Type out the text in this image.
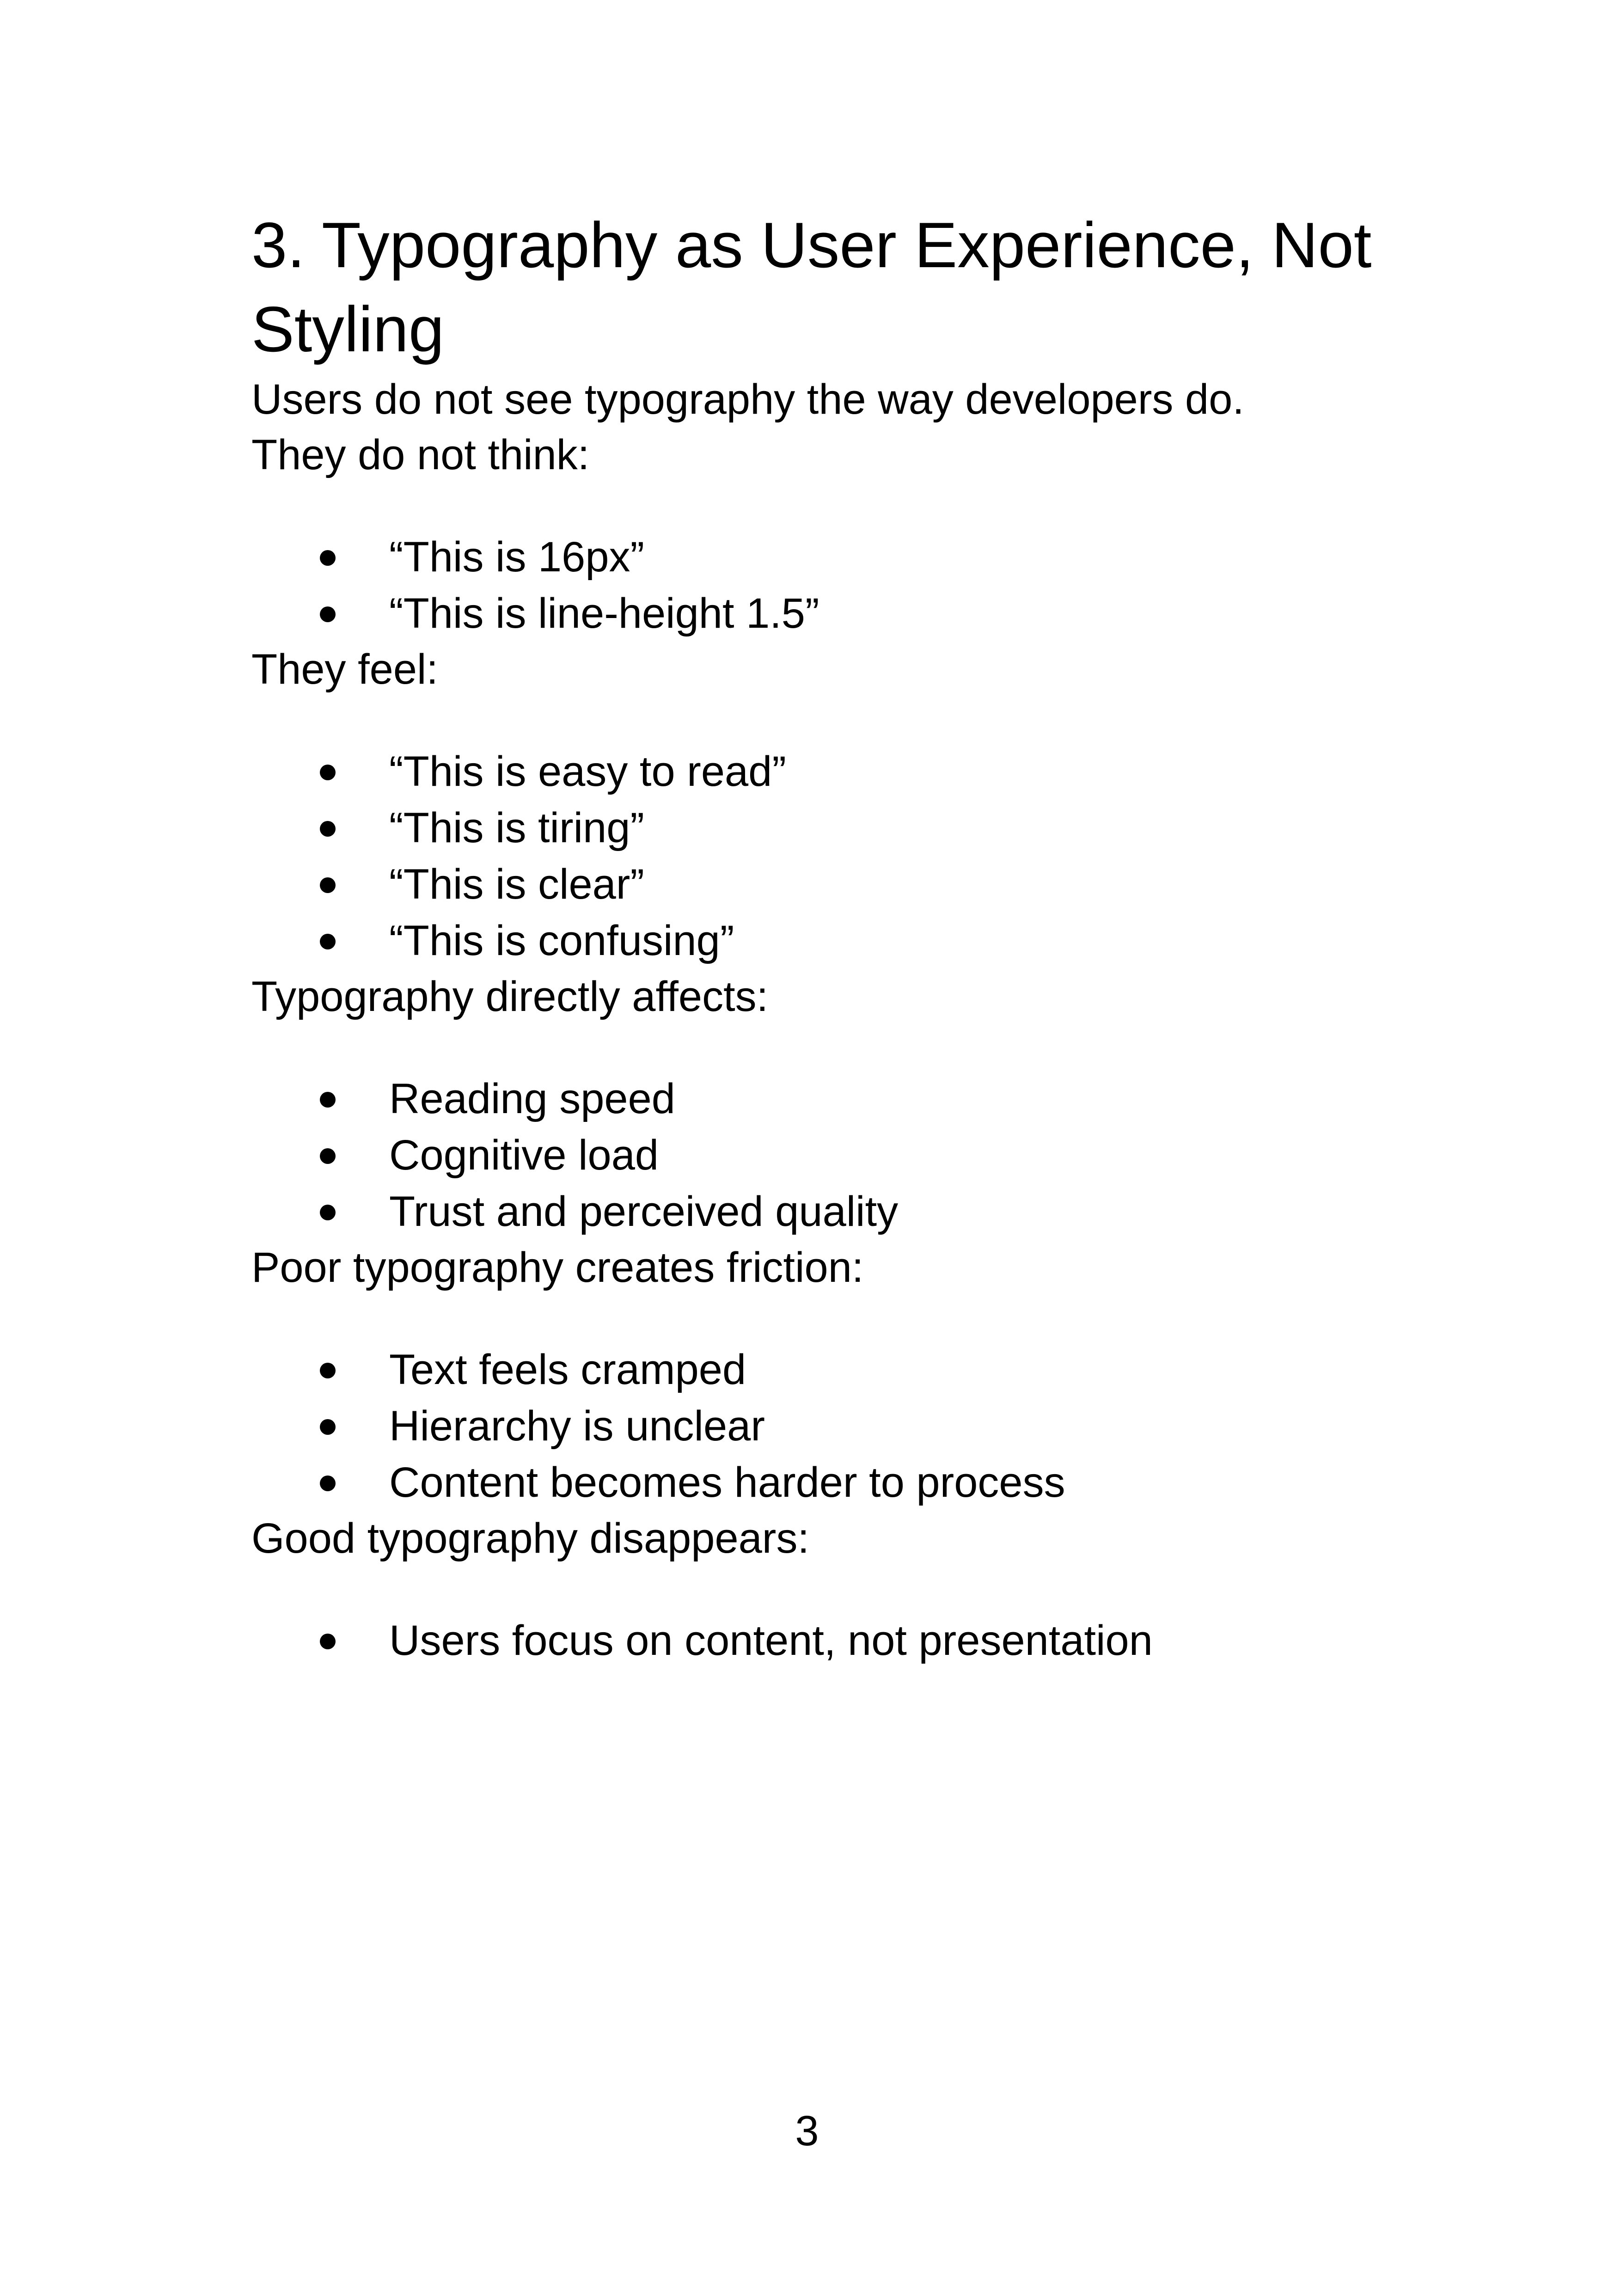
3. Typography as User Experience, Not Styling

Users do not see typography the way developers do.

They do not think:

“This is 16px”
“This is line-height 1.5”

They feel:

“This is easy to read”
“This is tiring”
“This is clear”
“This is confusing”

Typography directly affects:

Reading speed
Cognitive load
Trust and perceived quality

Poor typography creates friction:

Text feels cramped
Hierarchy is unclear
Content becomes harder to process

Good typography disappears:

Users focus on content, not presentation
3
